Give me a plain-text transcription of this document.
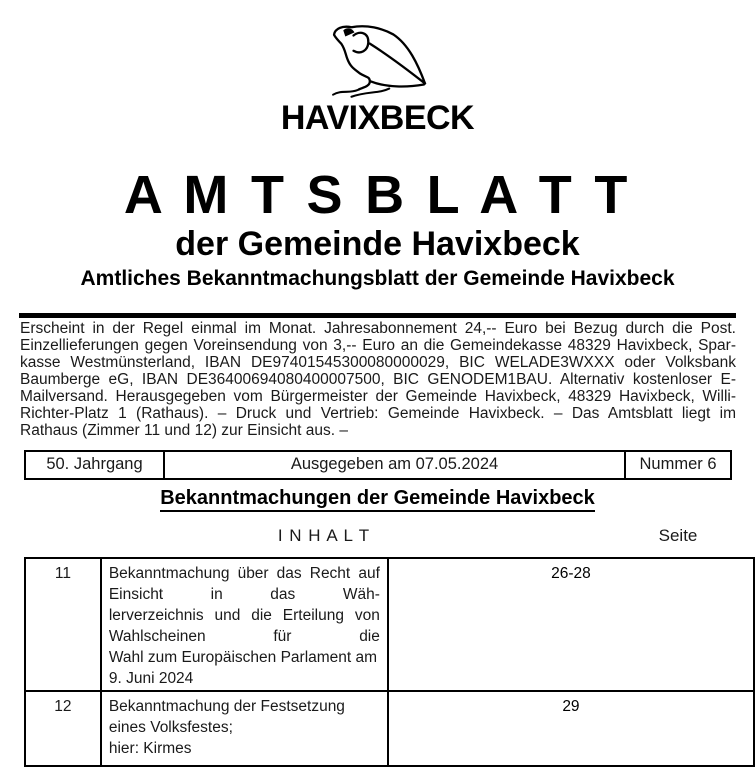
HAVIXBECK
A M T S B L A T T
der Gemeinde Havixbeck
Amtliches Bekanntmachungsblatt der Gemeinde Havixbeck
Erscheint in der Regel einmal im Monat. Jahresabonnement 24,-- Euro bei Bezug durch die Post.
Einzellieferungen gegen Voreinsendung von 3,-- Euro an die Gemeindekasse 48329 Havixbeck, Spar-
kasse Westmünsterland, IBAN DE97401545300080000029, BIC WELADE3WXXX oder Volksbank
Baumberge eG, IBAN DE36400694080400007500, BIC GENODEM1BAU. Alternativ kostenloser E-
Mailversand. Herausgegeben vom Bürgermeister der Gemeinde Havixbeck, 48329 Havixbeck, Willi-
Richter-Platz 1 (Rathaus). – Druck und Vertrieb: Gemeinde Havixbeck. – Das Amtsblatt liegt im
Rathaus (Zimmer 11 und 12) zur Einsicht aus. –
50. Jahrgang	Ausgegeben am 07.05.2024	Nummer 6
Bekanntmachungen der Gemeinde Havixbeck
I N H A L T	Seite
11	Bekanntmachung über das Recht auf Einsicht in das Wäh-
lerverzeichnis und die Erteilung von Wahlscheinen für die
Wahl zum Europäischen Parlament am 9. Juni 2024	26-28
12	Bekanntmachung der Festsetzung eines Volksfestes;
hier: Kirmes	29
